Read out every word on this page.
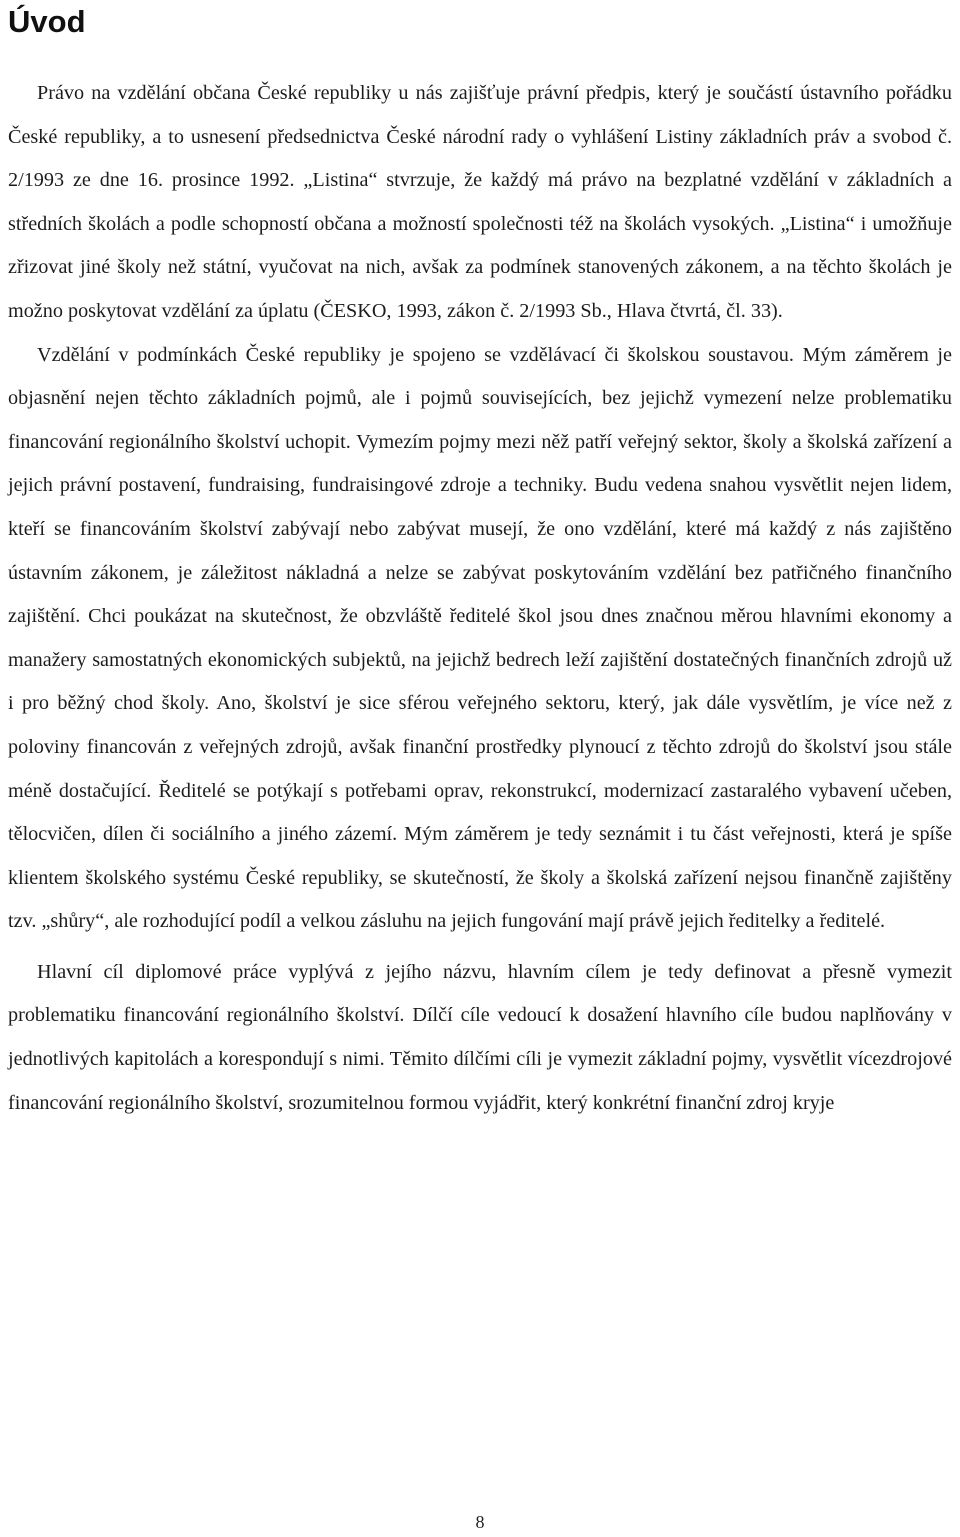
Úvod

Právo na vzdělání občana České republiky u nás zajišťuje právní předpis, který je součástí ústavního pořádku České republiky, a to usnesení předsednictva České národní rady o vyhlášení Listiny základních práv a svobod č. 2/1993 ze dne 16. prosince 1992. „Listina“ stvrzuje, že každý má právo na bezplatné vzdělání v základních a středních školách a podle schopností občana a možností společnosti též na školách vysokých. „Listina“ i umožňuje zřizovat jiné školy než státní, vyučovat na nich, avšak za podmínek stanovených zákonem, a na těchto školách je možno poskytovat vzdělání za úplatu (ČESKO, 1993, zákon č. 2/1993 Sb., Hlava čtvrtá, čl. 33).

Vzdělání v podmínkách České republiky je spojeno se vzdělávací či školskou soustavou. Mým záměrem je objasnění nejen těchto základních pojmů, ale i pojmů souvisejících, bez jejichž vymezení nelze problematiku financování regionálního školství uchopit. Vymezím pojmy mezi něž patří veřejný sektor, školy a školská zařízení a jejich právní postavení, fundraising, fundraisingové zdroje a techniky. Budu vedena snahou vysvětlit nejen lidem, kteří se financováním školství zabývají nebo zabývat musejí, že ono vzdělání, které má každý z nás zajištěno ústavním zákonem, je záležitost nákladná a nelze se zabývat poskytováním vzdělání bez patřičného finančního zajištění. Chci poukázat na skutečnost, že obzvláště ředitelé škol jsou dnes značnou měrou hlavními ekonomy a manažery samostatných ekonomických subjektů, na jejichž bedrech leží zajištění dostatečných finančních zdrojů už i pro běžný chod školy. Ano, školství je sice sférou veřejného sektoru, který, jak dále vysvětlím, je více než z poloviny financován z veřejných zdrojů, avšak finanční prostředky plynoucí z těchto zdrojů do školství jsou stále méně dostačující. Ředitelé se potýkají s potřebami oprav, rekonstrukcí, modernizací zastaralého vybavení učeben, tělocvičen, dílen či sociálního a jiného zázemí. Mým záměrem je tedy seznámit i tu část veřejnosti, která je spíše klientem školského systému České republiky, se skutečností, že školy a školská zařízení nejsou finančně zajištěny tzv. „shůry“, ale rozhodující podíl a velkou zásluhu na jejich fungování mají právě jejich ředitelky a ředitelé.

Hlavní cíl diplomové práce vyplývá z jejího názvu, hlavním cílem je tedy definovat a přesně vymezit problematiku financování regionálního školství. Dílčí cíle vedoucí k dosažení hlavního cíle budou naplňovány v jednotlivých kapitolách a korespondují s nimi. Těmito dílčími cíli je vymezit základní pojmy, vysvětlit vícezdrojové financování regionálního školství, srozumitelnou formou vyjádřit, který konkrétní finanční zdroj kryje

8
